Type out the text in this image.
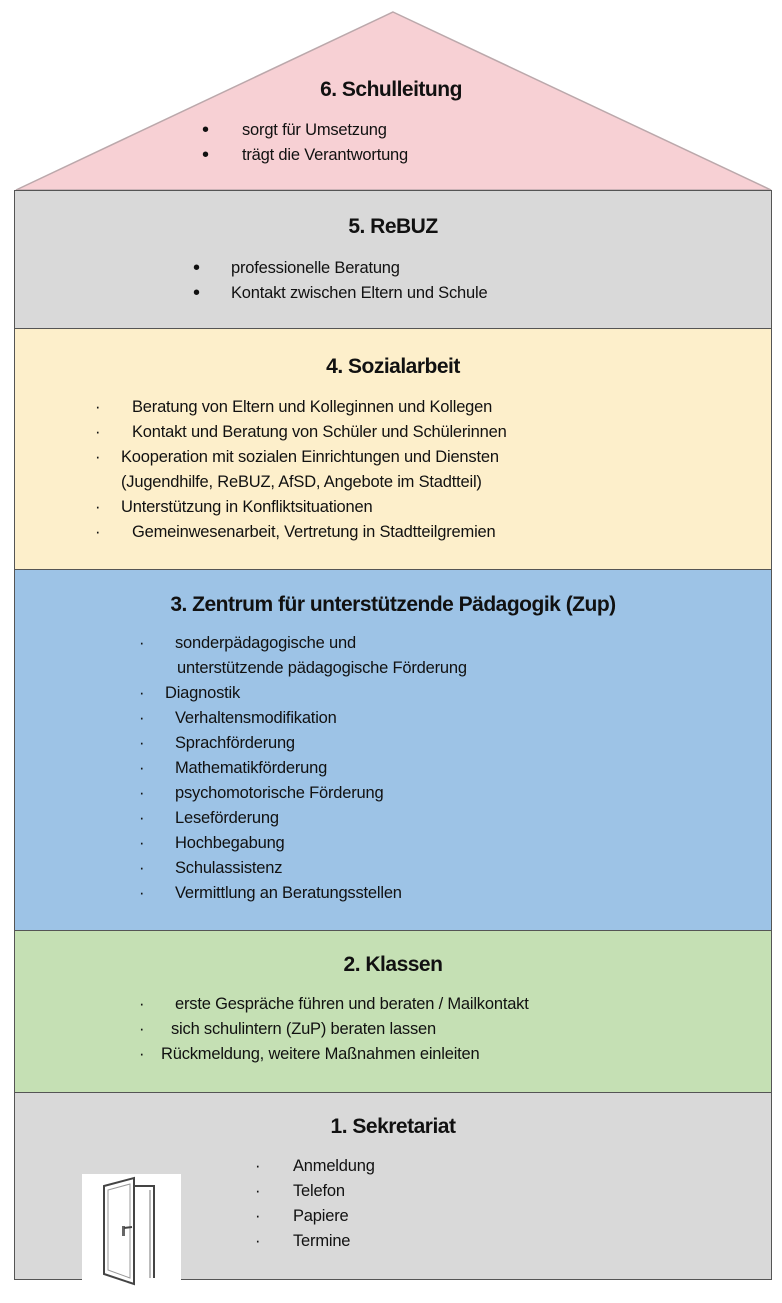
6. Schulleitung
• sorgt für Umsetzung
• trägt die Verantwortung
5. ReBUZ
• professionelle Beratung
• Kontakt zwischen Eltern und Schule
4. Sozialarbeit
· Beratung von Eltern und Kolleginnen und Kollegen
· Kontakt und Beratung von Schüler und Schülerinnen
· Kooperation mit sozialen Einrichtungen und Diensten
(Jugendhilfe, ReBUZ, AfSD, Angebote im Stadtteil)
· Unterstützung in Konfliktsituationen
· Gemeinwesenarbeit, Vertretung in Stadtteilgremien
3. Zentrum für unterstützende Pädagogik (Zup)
· sonderpädagogische und
unterstützende pädagogische Förderung
· Diagnostik
· Verhaltensmodifikation
· Sprachförderung
· Mathematikförderung
· psychomotorische Förderung
· Leseförderung
· Hochbegabung
· Schulassistenz
· Vermittlung an Beratungsstellen
2. Klassen
· erste Gespräche führen und beraten / Mailkontakt
· sich schulintern (ZuP) beraten lassen
· Rückmeldung, weitere Maßnahmen einleiten
1. Sekretariat
· Anmeldung
· Telefon
· Papiere
· Termine
